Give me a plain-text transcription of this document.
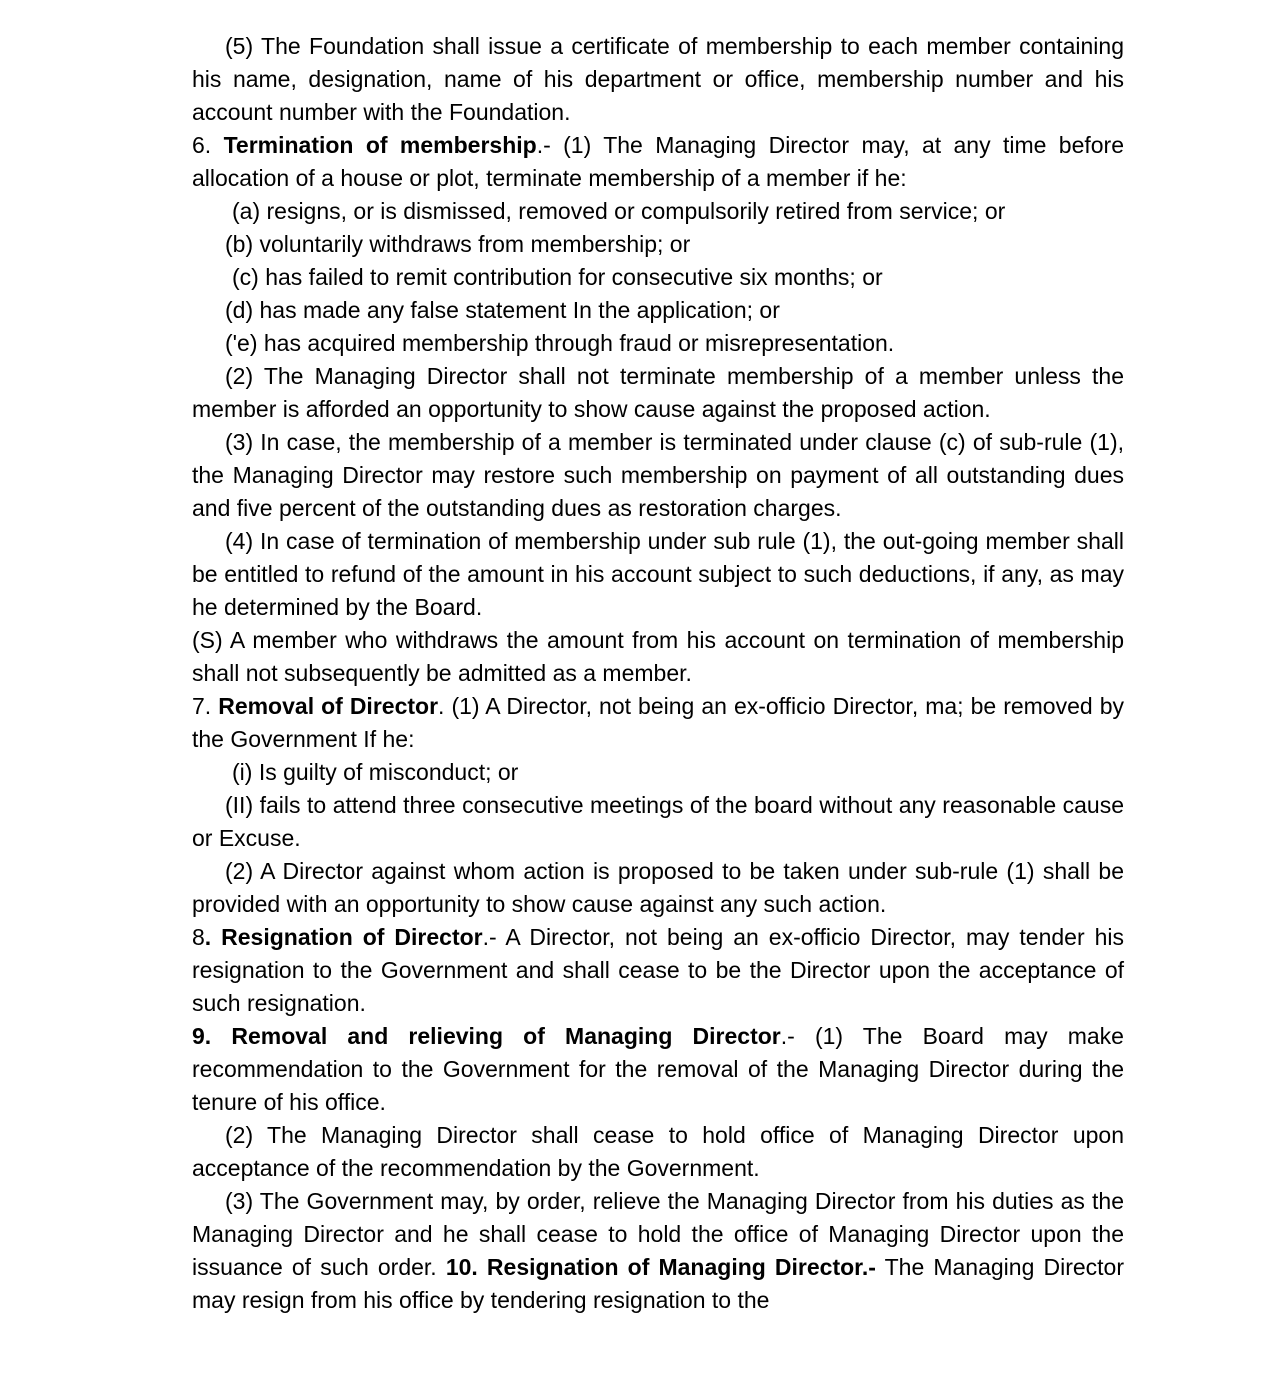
(5) The Foundation shall issue a certificate of membership to each member containing his name, designation, name of his department or office, membership number and his account number with the Foundation.

6. Termination of membership.- (1) The Managing Director may, at any time before allocation of a house or plot, terminate membership of a member if he:

(a) resigns, or is dismissed, removed or compulsorily retired from service; or

(b) voluntarily withdraws from membership; or

(c) has failed to remit contribution for consecutive six months; or

(d) has made any false statement In the application; or

('e) has acquired membership through fraud or misrepresentation.

(2) The Managing Director shall not terminate membership of a member unless the member is afforded an opportunity to show cause against the proposed action.

(3) In case, the membership of a member is terminated under clause (c) of sub-rule (1), the Managing Director may restore such membership on payment of all outstanding dues and five percent of the outstanding dues as restoration charges.

(4) In case of termination of membership under sub rule (1), the out-going member shall be entitled to refund of the amount in his account subject to such deductions, if any, as may he determined by the Board.

(S) A member who withdraws the amount from his account on termination of membership shall not subsequently be admitted as a member.

7. Removal of Director. (1) A Director, not being an ex-officio Director, ma; be removed by the Government If he:

(i) Is guilty of misconduct; or

(II) fails to attend three consecutive meetings of the board without any reasonable cause or Excuse.

(2) A Director against whom action is proposed to be taken under sub-rule (1) shall be provided with an opportunity to show cause against any such action.

8. Resignation of Director.- A Director, not being an ex-officio Director, may tender his resignation to the Government and shall cease to be the Director upon the acceptance of such resignation.

9. Removal and relieving of Managing Director.- (1) The Board may make recommendation to the Government for the removal of the Managing Director during the tenure of his office.

(2) The Managing Director shall cease to hold office of Managing Director upon acceptance of the recommendation by the Government.

(3) The Government may, by order, relieve the Managing Director from his duties as the Managing Director and he shall cease to hold the office of Managing Director upon the issuance of such order. 10. Resignation of Managing Director.- The Managing Director may resign from his office by tendering resignation to the
